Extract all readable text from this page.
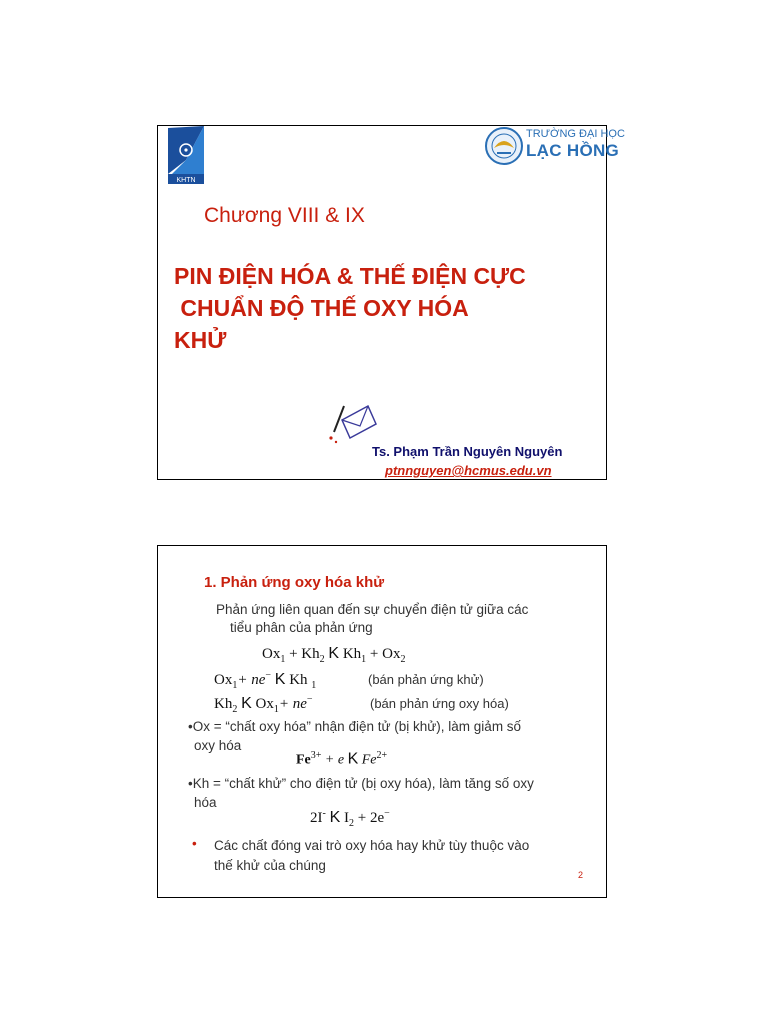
KHTN
TRƯỜNG ĐẠI HỌC
LẠC HỒNG
Chương VIII & IX
PIN ĐIỆN HÓA & THẾ ĐIỆN CỰC
CHUẨN ĐỘ THẾ OXY HÓA
KHỬ
Ts. Phạm Trần Nguyên Nguyên
ptnnguyen@hcmus.edu.vn
1. Phản ứng oxy hóa khử
Phản ứng liên quan đến sự chuyển điện tử giữa các
tiểu phân của phản ứng
$Ox_1 + Kh_2$ K $Kh_1 + Ox_2$
$Ox_1+ ne^-$ K Kh $_1$	(bán phản ứng khử)
$Kh_2$ K $Ox_1+ ne^-$	(bán phản ứng oxy hóa)
•Ox = “chất oxy hóa” nhận điện tử (bị khử), làm giảm số
oxy hóa
$Fe^{3+} + e$ K $Fe^{2+}$
•Kh = “chất khử” cho điện tử (bị oxy hóa), làm tăng số oxy
hóa
2I- K $I_2 + 2e^-$
• Các chất đóng vai trò oxy hóa hay khử tùy thuộc vào
thế khử của chúng
2
